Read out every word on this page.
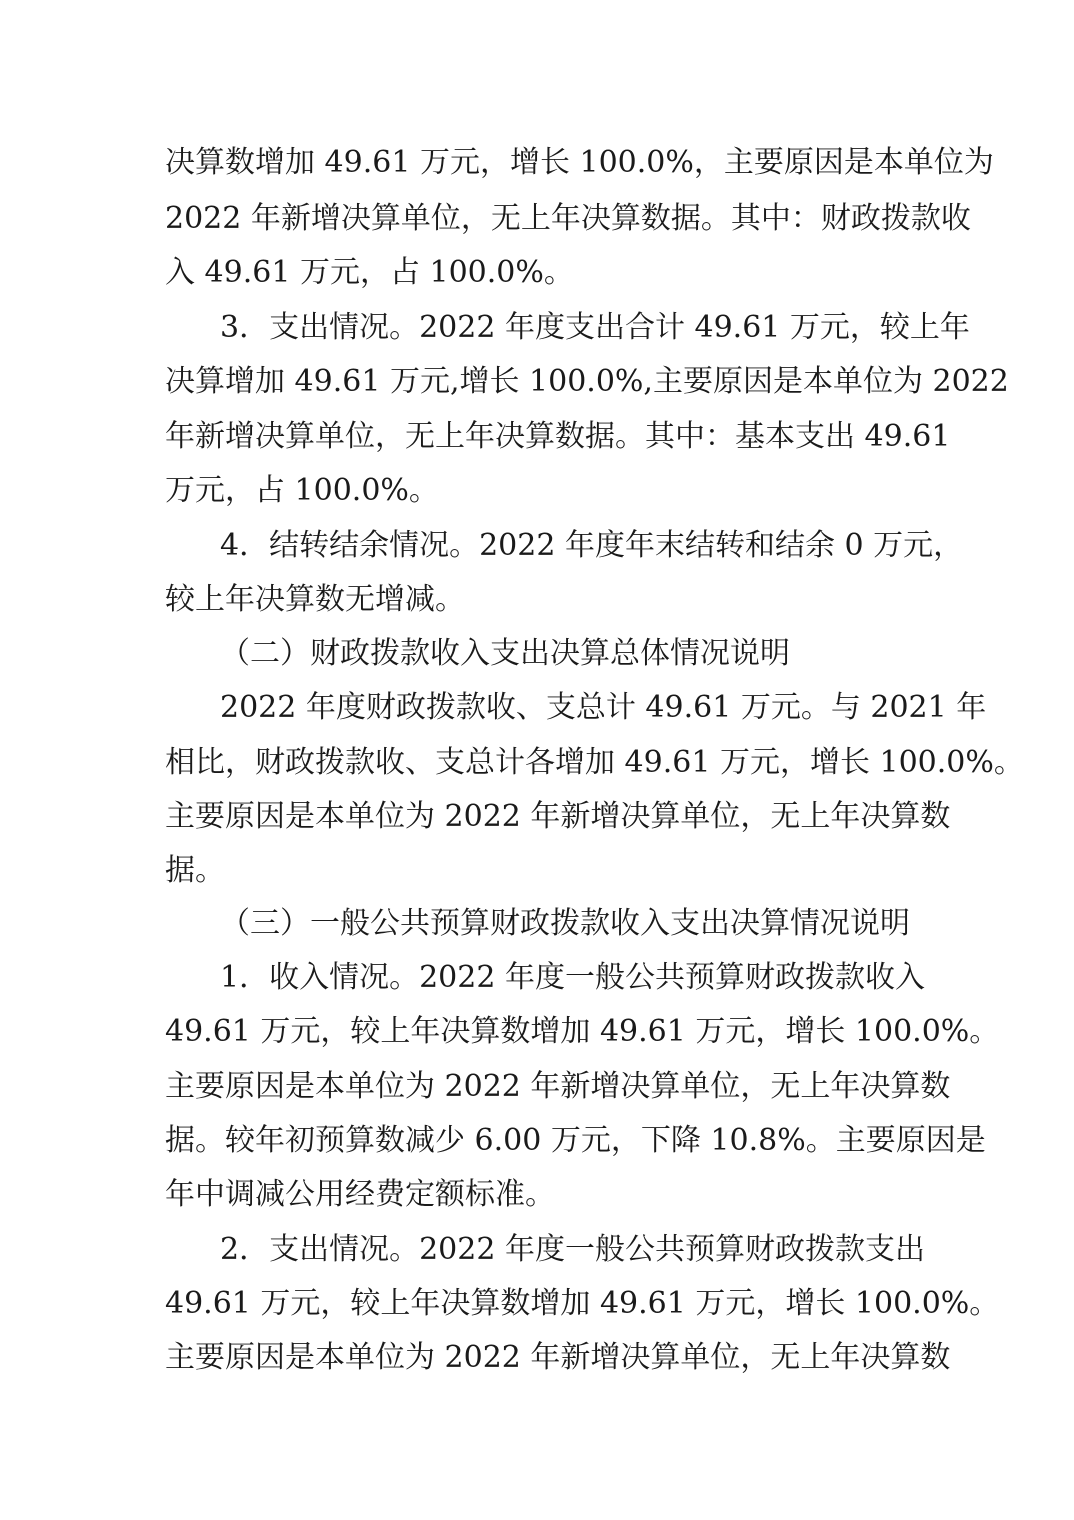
决算数增加 49.61 万元，增长 100.0%，主要原因是本单位为
2022 年新增决算单位，无上年决算数据。其中：财政拨款收
入 49.61 万元，占 100.0%。
3．支出情况。2022 年度支出合计 49.61 万元，较上年
决算增加 49.61 万元,增长 100.0%,主要原因是本单位为 2022
年新增决算单位，无上年决算数据。其中：基本支出 49.61
万元，占 100.0%。
4．结转结余情况。2022 年度年末结转和结余 0 万元，
较上年决算数无增减。
（二）财政拨款收入支出决算总体情况说明
2022 年度财政拨款收、支总计 49.61 万元。与 2021 年
相比，财政拨款收、支总计各增加 49.61 万元，增长 100.0%。
主要原因是本单位为 2022 年新增决算单位，无上年决算数
据。
（三）一般公共预算财政拨款收入支出决算情况说明
1．收入情况。2022 年度一般公共预算财政拨款收入
49.61 万元，较上年决算数增加 49.61 万元，增长 100.0%。
主要原因是本单位为 2022 年新增决算单位，无上年决算数
据。较年初预算数减少 6.00 万元，下降 10.8%。主要原因是
年中调减公用经费定额标准。
2．支出情况。2022 年度一般公共预算财政拨款支出
49.61 万元，较上年决算数增加 49.61 万元，增长 100.0%。
主要原因是本单位为 2022 年新增决算单位，无上年决算数
